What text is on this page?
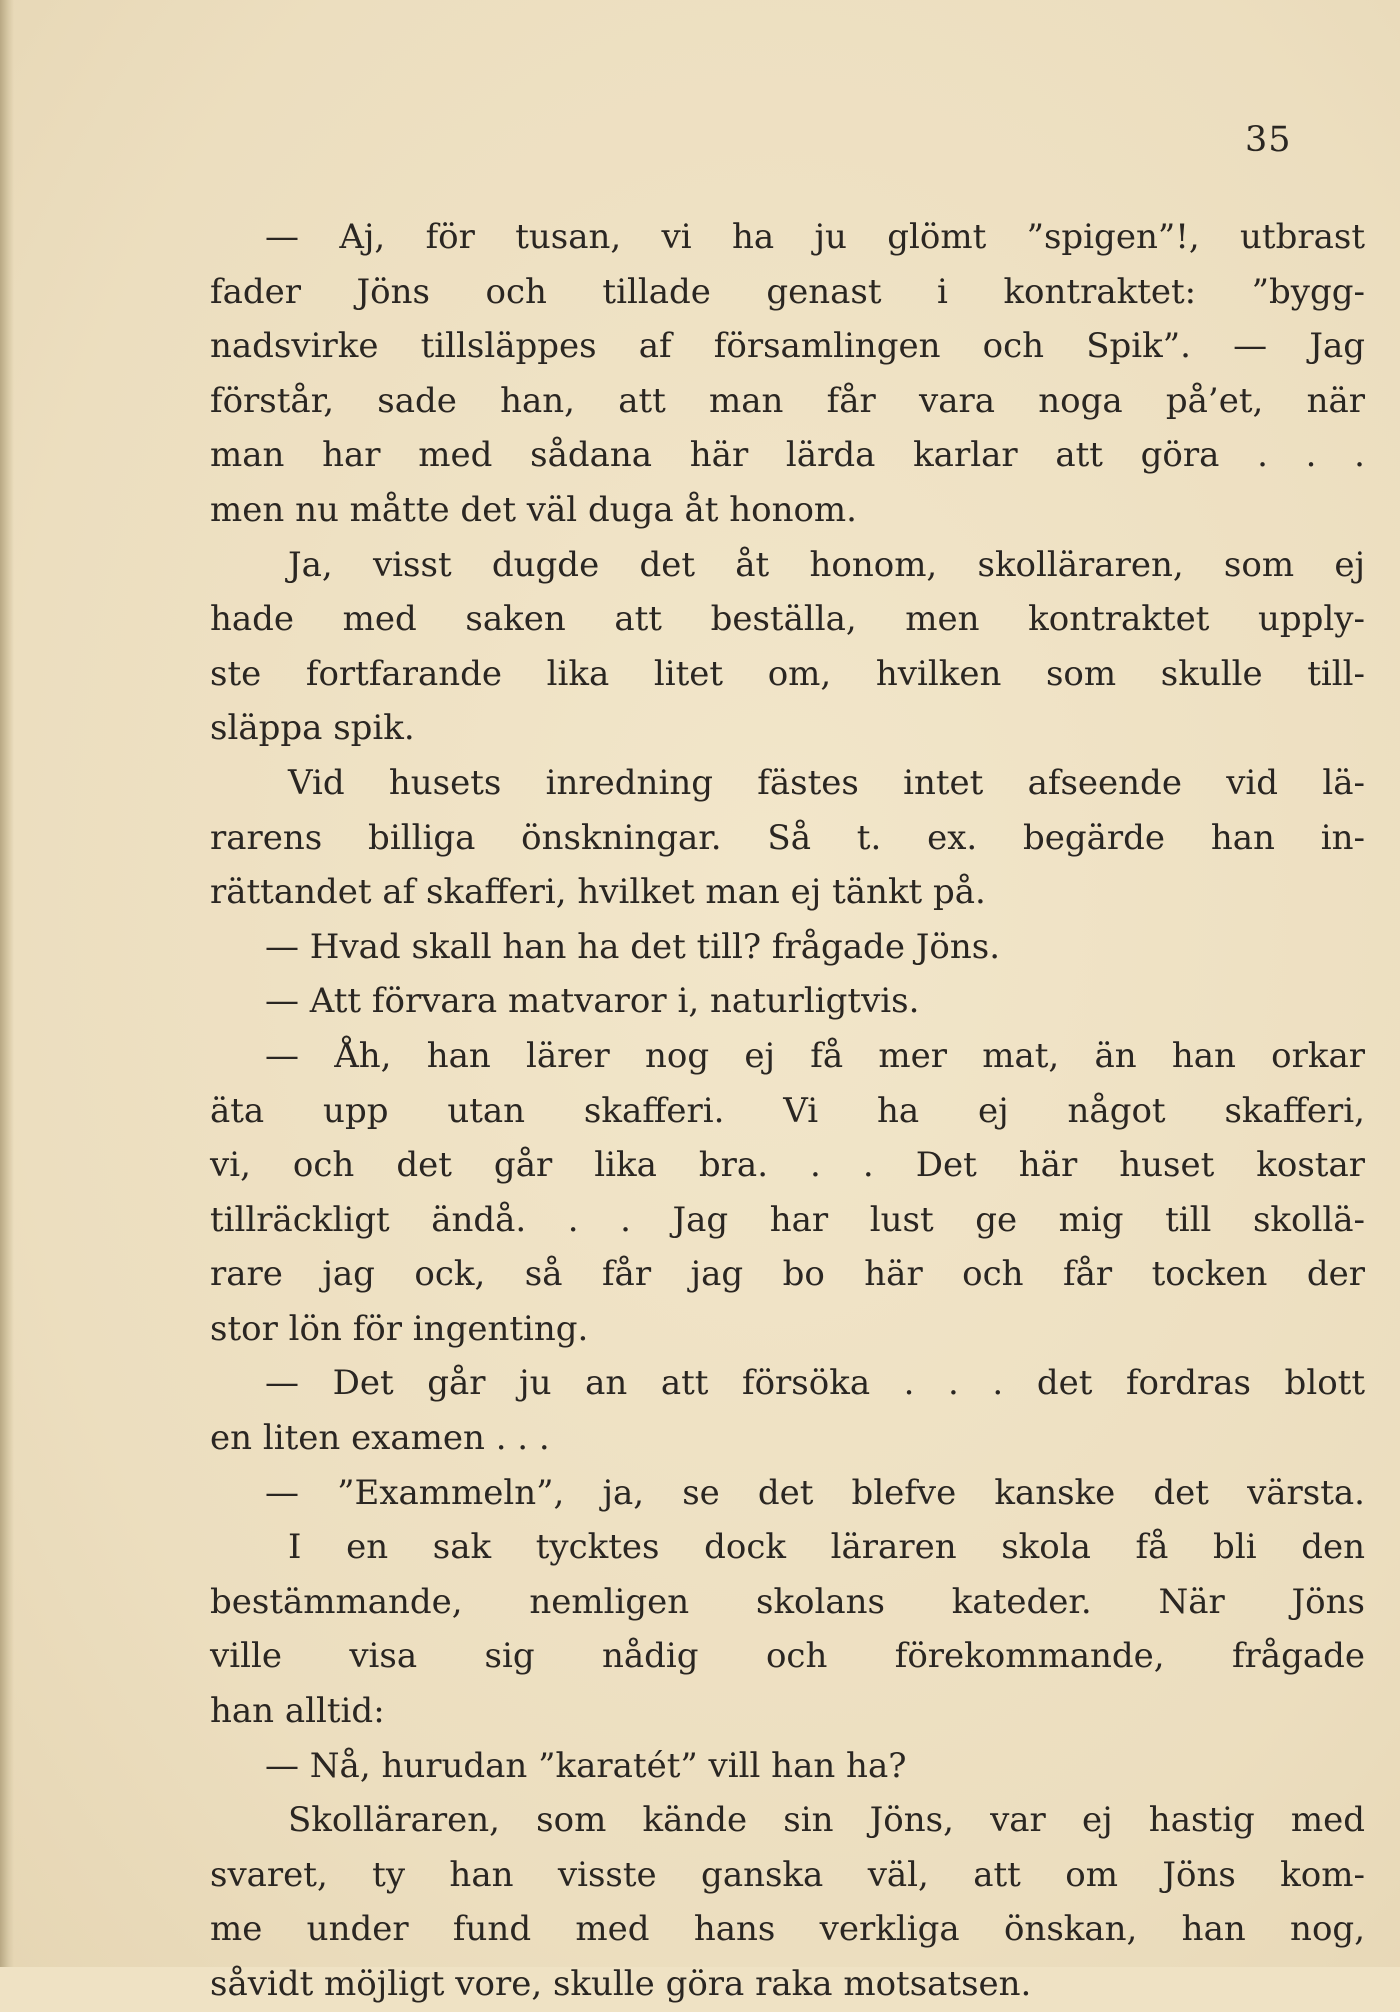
35
— Aj, för tusan, vi ha ju glömt ”spigen”!, utbrast
fader Jöns och tillade genast i kontraktet: ”bygg-
nadsvirke tillsläppes af församlingen och Spik”. — Jag
förstår, sade han, att man får vara noga på’et, när
man har med sådana här lärda karlar att göra . . .
men nu måtte det väl duga åt honom.
Ja, visst dugde det åt honom, skolläraren, som ej
hade med saken att beställa, men kontraktet upply-
ste fortfarande lika litet om, hvilken som skulle till-
släppa spik.
Vid husets inredning fästes intet afseende vid lä-
rarens billiga önskningar. Så t. ex. begärde han in-
rättandet af skafferi, hvilket man ej tänkt på.
— Hvad skall han ha det till? frågade Jöns.
— Att förvara matvaror i, naturligtvis.
— Åh, han lärer nog ej få mer mat, än han orkar
äta upp utan skafferi. Vi ha ej något skafferi,
vi, och det går lika bra. . . Det här huset kostar
tillräckligt ändå. . . Jag har lust ge mig till skollä-
rare jag ock, så får jag bo här och får tocken der
stor lön för ingenting.
— Det går ju an att försöka . . . det fordras blott
en liten examen . . .
— ”Exammeln”, ja, se det blefve kanske det värsta.
I en sak tycktes dock läraren skola få bli den
bestämmande, nemligen skolans kateder. När Jöns
ville visa sig nådig och förekommande, frågade
han alltid:
— Nå, hurudan ”karatét” vill han ha?
Skolläraren, som kände sin Jöns, var ej hastig med
svaret, ty han visste ganska väl, att om Jöns kom-
me under fund med hans verkliga önskan, han nog,
såvidt möjligt vore, skulle göra raka motsatsen.
